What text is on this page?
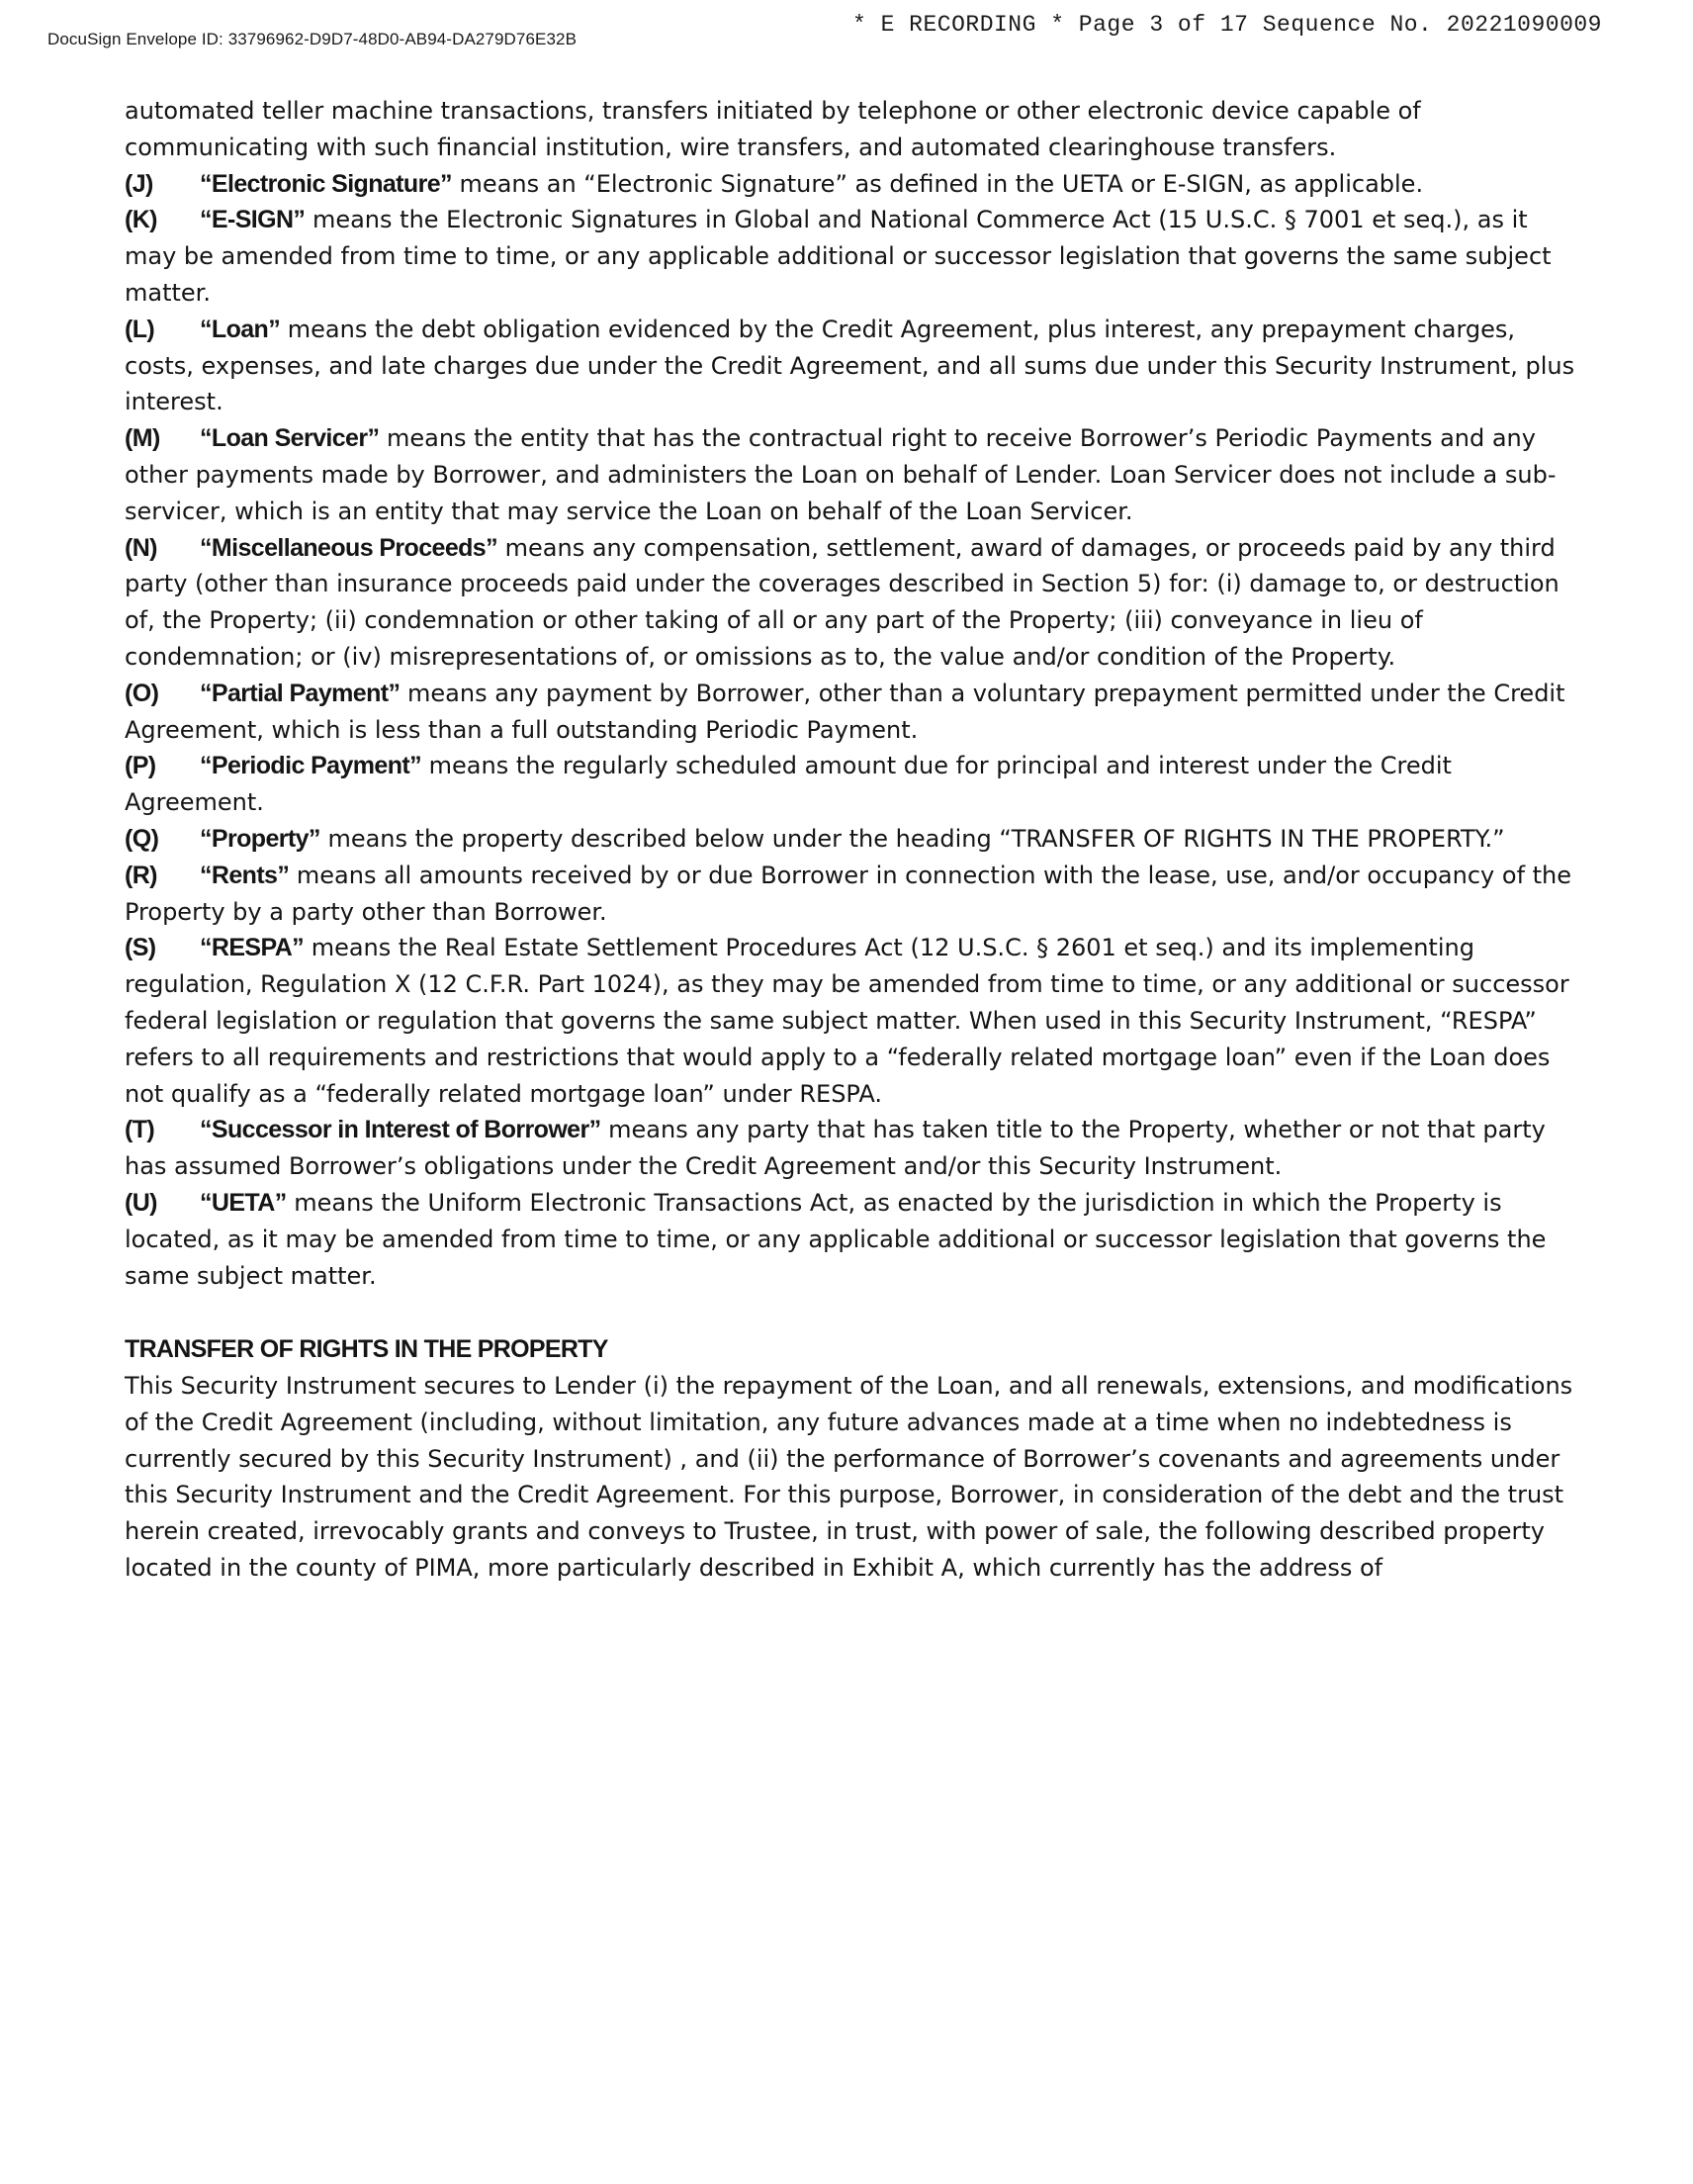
DocuSign Envelope ID: 33796962-D9D7-48D0-AB94-DA279D76E32B
* E RECORDING * Page 3 of 17 Sequence No. 20221090009

automated teller machine transactions, transfers initiated by telephone or other electronic device capable of communicating with such financial institution, wire transfers, and automated clearinghouse transfers.

(J) “Electronic Signature” means an “Electronic Signature” as defined in the UETA or E-SIGN, as applicable.

(K) “E-SIGN” means the Electronic Signatures in Global and National Commerce Act (15 U.S.C. § 7001 et seq.), as it may be amended from time to time, or any applicable additional or successor legislation that governs the same subject matter.

(L) “Loan” means the debt obligation evidenced by the Credit Agreement, plus interest, any prepayment charges, costs, expenses, and late charges due under the Credit Agreement, and all sums due under this Security Instrument, plus interest.

(M) “Loan Servicer” means the entity that has the contractual right to receive Borrower’s Periodic Payments and any other payments made by Borrower, and administers the Loan on behalf of Lender. Loan Servicer does not include a sub-servicer, which is an entity that may service the Loan on behalf of the Loan Servicer.

(N) “Miscellaneous Proceeds” means any compensation, settlement, award of damages, or proceeds paid by any third party (other than insurance proceeds paid under the coverages described in Section 5) for: (i) damage to, or destruction of, the Property; (ii) condemnation or other taking of all or any part of the Property; (iii) conveyance in lieu of condemnation; or (iv) misrepresentations of, or omissions as to, the value and/or condition of the Property.

(O) “Partial Payment” means any payment by Borrower, other than a voluntary prepayment permitted under the Credit Agreement, which is less than a full outstanding Periodic Payment.

(P) “Periodic Payment” means the regularly scheduled amount due for principal and interest under the Credit Agreement.

(Q) “Property” means the property described below under the heading “TRANSFER OF RIGHTS IN THE PROPERTY.”

(R) “Rents” means all amounts received by or due Borrower in connection with the lease, use, and/or occupancy of the Property by a party other than Borrower.

(S) “RESPA” means the Real Estate Settlement Procedures Act (12 U.S.C. § 2601 et seq.) and its implementing regulation, Regulation X (12 C.F.R. Part 1024), as they may be amended from time to time, or any additional or successor federal legislation or regulation that governs the same subject matter. When used in this Security Instrument, “RESPA” refers to all requirements and restrictions that would apply to a “federally related mortgage loan” even if the Loan does not qualify as a “federally related mortgage loan” under RESPA.

(T) “Successor in Interest of Borrower” means any party that has taken title to the Property, whether or not that party has assumed Borrower’s obligations under the Credit Agreement and/or this Security Instrument.

(U) “UETA” means the Uniform Electronic Transactions Act, as enacted by the jurisdiction in which the Property is located, as it may be amended from time to time, or any applicable additional or successor legislation that governs the same subject matter.

TRANSFER OF RIGHTS IN THE PROPERTY

This Security Instrument secures to Lender (i) the repayment of the Loan, and all renewals, extensions, and modifications of the Credit Agreement (including, without limitation, any future advances made at a time when no indebtedness is currently secured by this Security Instrument) , and (ii) the performance of Borrower’s covenants and agreements under this Security Instrument and the Credit Agreement. For this purpose, Borrower, in consideration of the debt and the trust herein created, irrevocably grants and conveys to Trustee, in trust, with power of sale, the following described property located in the county of PIMA, more particularly described in Exhibit A, which currently has the address of
